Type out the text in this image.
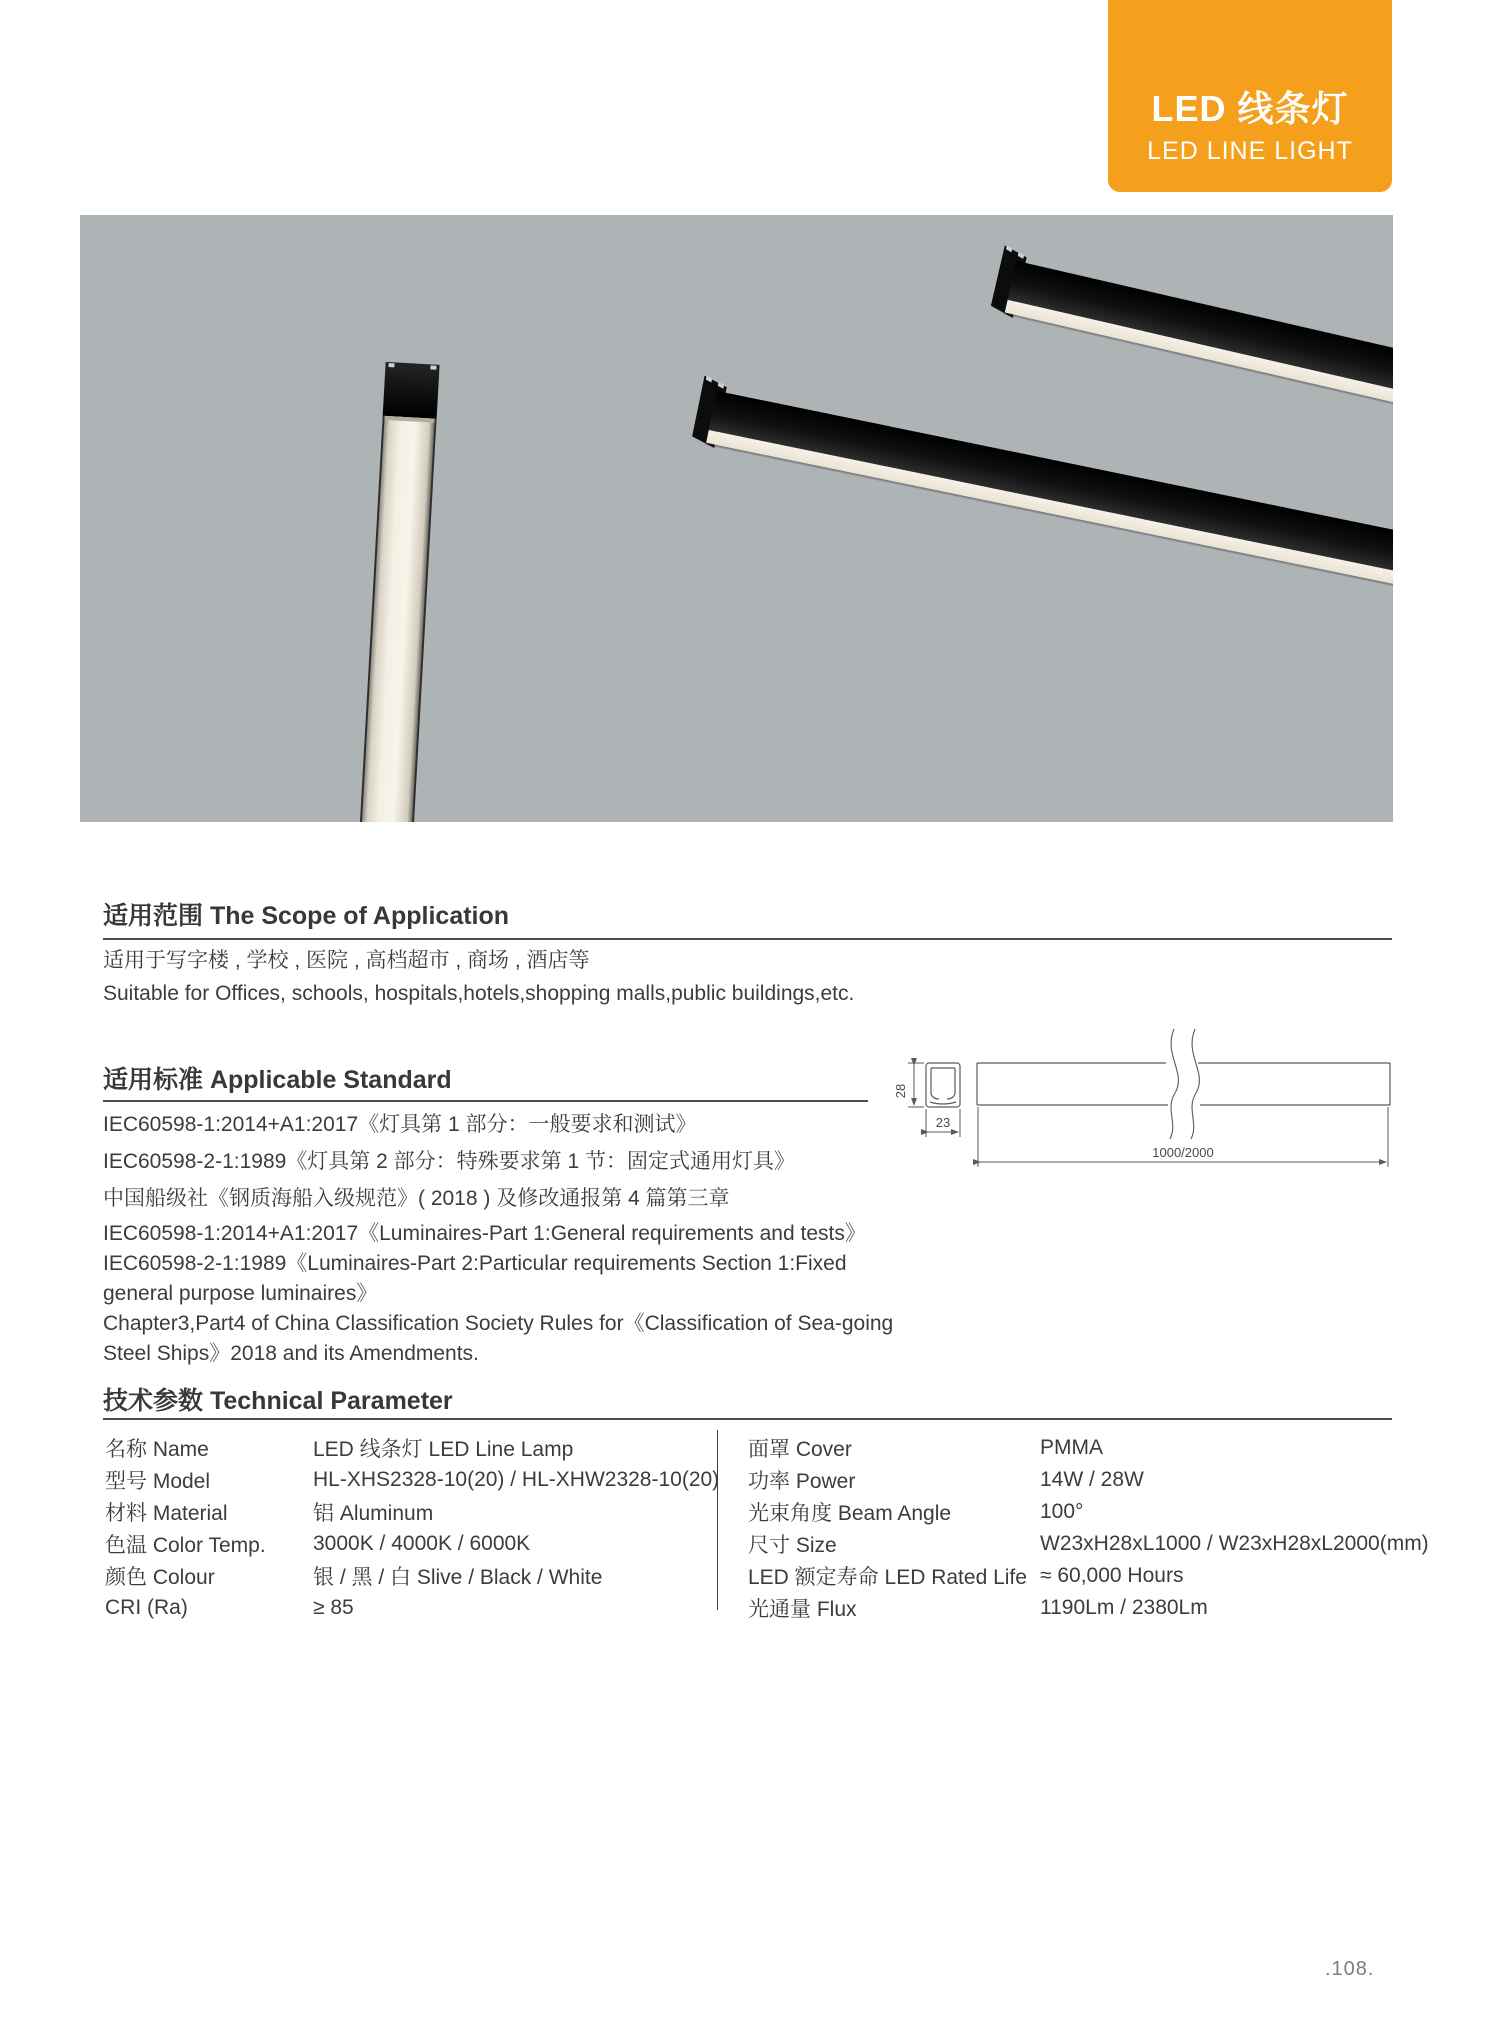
LED 线条灯
LED LINE LIGHT
适用范围 The Scope of Application
适用于写字楼 , 学校 , 医院 , 高档超市 , 商场 , 酒店等
Suitable for Offices, schools, hospitals,hotels,shopping malls,public buildings,etc.
适用标准 Applicable Standard
IEC60598-1:2014+A1:2017《灯具第 1 部分：一般要求和测试》
IEC60598-2-1:1989《灯具第 2 部分：特殊要求第 1 节：固定式通用灯具》
中国船级社《钢质海船入级规范》( 2018 ) 及修改通报第 4 篇第三章
IEC60598-1:2014+A1:2017《Luminaires-Part 1:General requirements and tests》
IEC60598-2-1:1989《Luminaires-Part 2:Particular requirements Section 1:Fixed
general purpose luminaires》
Chapter3,Part4 of China Classification Society Rules for《Classification of Sea-going
Steel Ships》2018 and its Amendments.
28
23
1000/2000
技术参数 Technical Parameter
名称 Name	LED 线条灯 LED Line Lamp
型号 Model	HL-XHS2328-10(20) / HL-XHW2328-10(20)
材料 Material	铝 Aluminum
色温 Color Temp.	3000K / 4000K / 6000K
颜色 Colour	银 / 黑 / 白 Slive / Black / White
CRI (Ra)	≥ 85
面罩 Cover	PMMA
功率 Power	14W / 28W
光束角度 Beam Angle	100°
尺寸 Size	W23xH28xL1000 / W23xH28xL2000(mm)
LED 额定寿命 LED Rated Life ≈ 60,000 Hours
光通量 Flux	1190Lm / 2380Lm
.108.
